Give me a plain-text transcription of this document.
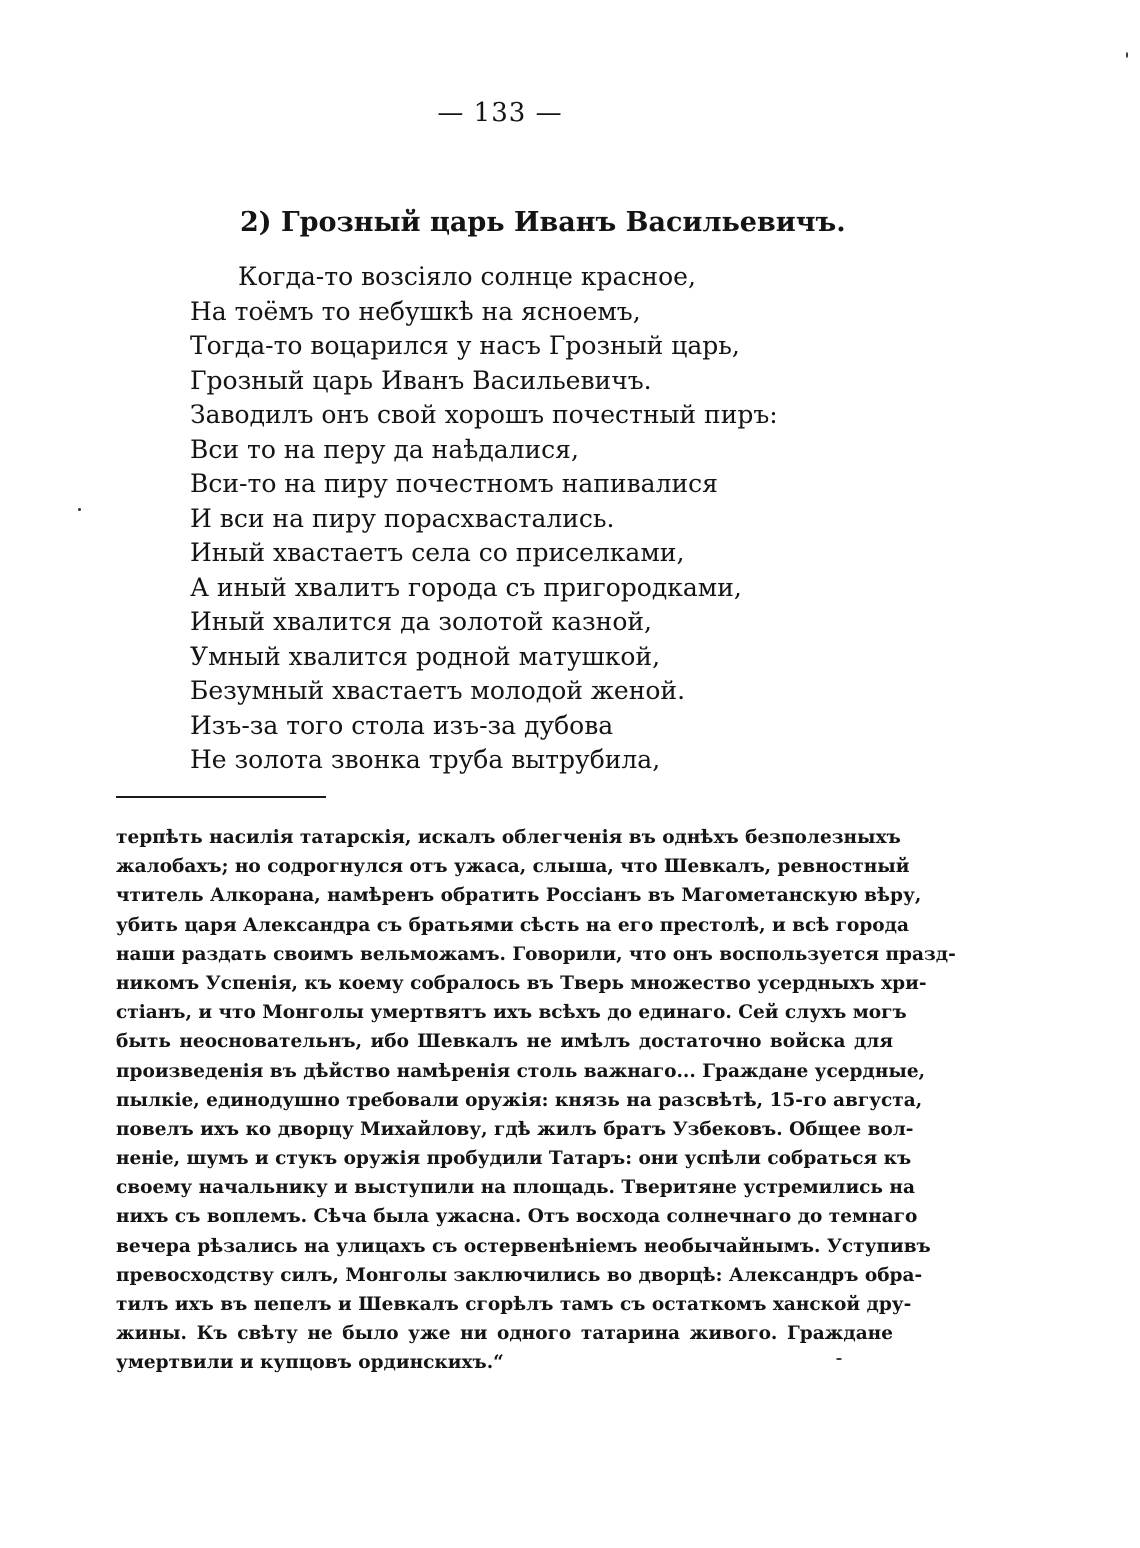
— 133 —
2) Грозный царь Иванъ Васильевичъ.
Когда-то возсіяло солнце красное,
На тоёмъ то небушкѣ на ясноемъ,
Тогда-то воцарился у насъ Грозный царь,
Грозный царь Иванъ Васильевичъ.
Заводилъ онъ свой хорошъ почестный пиръ:
Вси то на перу да наѣдалися,
Вси-то на пиру почестномъ напивалися
И вси на пиру порасхвастались.
Иный хвастаетъ села со приселками,
А иный хвалитъ города съ пригородками,
Иный хвалится да золотой казной,
Умный хвалится родной матушкой,
Безумный хвастаетъ молодой женой.
Изъ-за того стола изъ-за дубова
Не золота звонка труба вытрубила,
терпѣть насилія татарскія, искалъ облегченія въ однѣхъ безполезныхъ
жалобахъ; но содрогнулся отъ ужаса, слыша, что Шевкалъ, ревностный
чтитель Алкорана, намѣренъ обратить Россіанъ въ Магометанскую вѣру,
убить царя Александра съ братьями сѣсть на его престолѣ, и всѣ города
наши раздать своимъ вельможамъ. Говорили, что онъ воспользуется празд-
никомъ Успенія, къ коему собралось въ Тверь множество усердныхъ хри-
стіанъ, и что Монголы умертвятъ ихъ всѣхъ до единаго. Сей слухъ могъ
быть неосновательнъ, ибо Шевкалъ не имѣлъ достаточно войска для
произведенія въ дѣйство намѣренія столь важнаго... Граждане усердные,
пылкіе, единодушно требовали оружія: князь на разсвѣтѣ, 15-го августа,
повелъ ихъ ко дворцу Михайлову, гдѣ жилъ братъ Узбековъ. Общее вол-
неніе, шумъ и стукъ оружія пробудили Татаръ: они успѣли собраться къ
своему начальнику и выступили на площадь. Тверитяне устремились на
нихъ съ воплемъ. Сѣча была ужасна. Отъ восхода солнечнаго до темнаго
вечера рѣзались на улицахъ съ остервенѣніемъ необычайнымъ. Уступивъ
превосходству силъ, Монголы заключились во дворцѣ: Александръ обра-
тилъ ихъ въ пепелъ и Шевкалъ сгорѣлъ тамъ съ остаткомъ ханской дру-
жины. Къ свѣту не было уже ни одного татарина живого. Граждане
умертвили и купцовъ ординскихъ.“
